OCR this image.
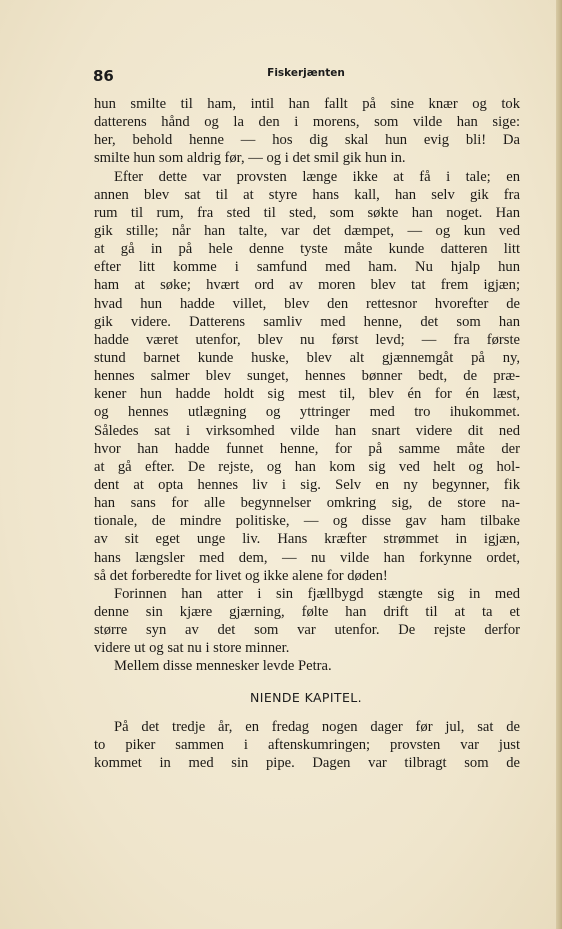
86	Fiskerjænten
hun smilte til ham, intil han fallt på sine knær og tok
datterens hånd og la den i morens, som vilde han sige:
her, behold henne — hos dig skal hun evig bli! Da
smilte hun som aldrig før, — og i det smil gik hun in.
Efter dette var provsten længe ikke at få i tale; en
annen blev sat til at styre hans kall, han selv gik fra
rum til rum, fra sted til sted, som søkte han noget. Han
gik stille; når han talte, var det dæmpet, — og kun ved
at gå in på hele denne tyste måte kunde datteren litt
efter litt komme i samfund med ham. Nu hjalp hun
ham at søke; hvært ord av moren blev tat frem igjæn;
hvad hun hadde villet, blev den rettesnor hvorefter de
gik videre. Datterens samliv med henne, det som han
hadde været utenfor, blev nu først levd; — fra første
stund barnet kunde huske, blev alt gjænnemgåt på ny,
hennes salmer blev sunget, hennes bønner bedt, de præ-
kener hun hadde holdt sig mest til, blev én for én læst,
og hennes utlægning og yttringer med tro ihukommet.
Således sat i virksomhed vilde han snart videre dit ned
hvor han hadde funnet henne, for på samme måte der
at gå efter. De rejste, og han kom sig ved helt og hol-
dent at opta hennes liv i sig. Selv en ny begynner, fik
han sans for alle begynnelser omkring sig, de store na-
tionale, de mindre politiske, — og disse gav ham tilbake
av sit eget unge liv. Hans kræfter strømmet in igjæn,
hans længsler med dem, — nu vilde han forkynne ordet,
så det forberedte for livet og ikke alene for døden!
Forinnen han atter i sin fjællbygd stængte sig in med
denne sin kjære gjærning, følte han drift til at ta et
større syn av det som var utenfor. De rejste derfor
videre ut og sat nu i store minner.
Mellem disse mennesker levde Petra.
NIENDE KAPITEL.
På det tredje år, en fredag nogen dager før jul, sat de
to piker sammen i aftenskumringen; provsten var just
kommet in med sin pipe. Dagen var tilbragt som de
